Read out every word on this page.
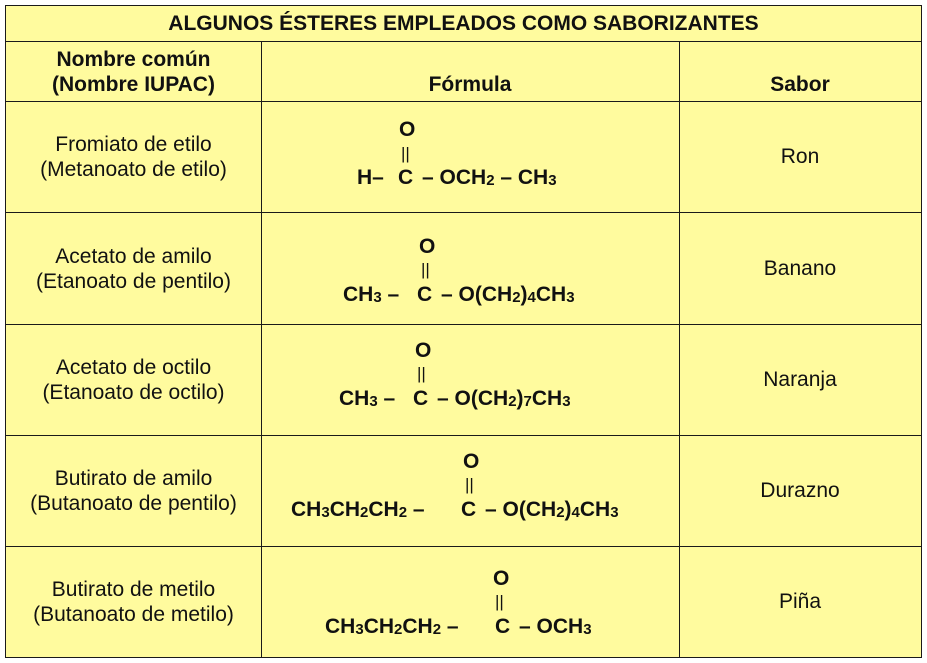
ALGUNOS ÉSTERES EMPLEADOS COMO SABORIZANTES
Nombre común
(Nombre IUPAC)	Fórmula	Sabor
Fromiato de etilo
(Metanoato de etilo)
O
||
H– C – $OCH_2 - CH_3$
Ron
Acetato de amilo
(Etanoato de pentilo)
O
||
$CH_3$ – C – $O(CH_2)_4CH_3$
Banano
Acetato de octilo
(Etanoato de octilo)
O
||
$CH_3$ – C – $O(CH_2)_7CH_3$
Naranja
Butirato de amilo
(Butanoato de pentilo)
O
||
$CH_3CH_2CH_2$ – C – $O(CH_2)_4CH_3$
Durazno
Butirato de metilo
(Butanoato de metilo)
O
||
$CH_3CH_2CH_2$ – C – $OCH_3$
Piña
